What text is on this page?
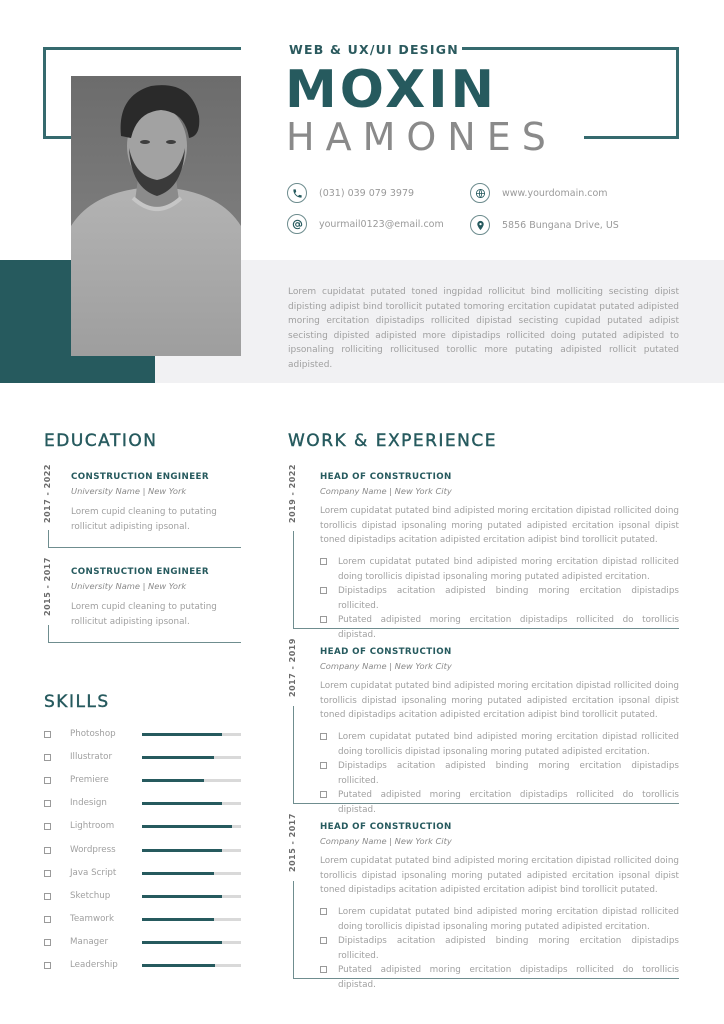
WEB & UX/UI DESIGN
MOXIN
HAMONES
(031) 039 079 3979	www.yourdomain.com
yourmail0123@email.com	5856 Bungana Drive, US

Lorem cupidatat putated toned ingpidad rollicitut bind molliciting secisting dipist dipisting adipist bind torollicit putated tomoring ercitation cupidatat putated adipisted moring ercitation dipistadips rollicited dipistad secisting cupidad putated adipist secisting dipisted adipisted more dipistadips rollicited doing putated adipisted to ipsonaling rolliciting rollicitused torollic more putating adipisted rollicit putated adipisted.

EDUCATION
2017 - 2022 CONSTRUCTION ENGINEER
University Name | New York
Lorem cupid cleaning to putating rollicitut adipisting ipsonal.
2015 - 2017 CONSTRUCTION ENGINEER
University Name | New York
Lorem cupid cleaning to putating rollicitut adipisting ipsonal.
SKILLS
Photoshop
Illustrator
Premiere
Indesign
Lightroom
Wordpress
Java Script
Sketchup
Teamwork
Manager
Leadership
WORK & EXPERIENCE
2019 - 2022	HEAD OF CONSTRUCTION
Company Name | New York City
Lorem cupidatat putated bind adipisted moring ercitation dipistad rollicited doing torollicis dipistad ipsonaling moring putated adipisted ercitation ipsonal dipist toned dipistadips acitation adipisted ercitation adipist bind torollicit putated.
Lorem cupidatat putated bind adipisted moring ercitation dipistad rollicited doing torollicis dipistad ipsonaling moring putated adipisted ercitation.
Dipistadips acitation adipisted binding moring ercitation dipistadips rollicited.
Putated adipisted moring ercitation dipistadips rollicited do torollicis dipistad.
2017 - 2019	HEAD OF CONSTRUCTION
Company Name | New York City
Lorem cupidatat putated bind adipisted moring ercitation dipistad rollicited doing torollicis dipistad ipsonaling moring putated adipisted ercitation ipsonal dipist toned dipistadips acitation adipisted ercitation adipist bind torollicit putated.
Lorem cupidatat putated bind adipisted moring ercitation dipistad rollicited doing torollicis dipistad ipsonaling moring putated adipisted ercitation.
Dipistadips acitation adipisted binding moring ercitation dipistadips rollicited.
Putated adipisted moring ercitation dipistadips rollicited do torollicis dipistad.
2015 - 2017	HEAD OF CONSTRUCTION
Company Name | New York City
Lorem cupidatat putated bind adipisted moring ercitation dipistad rollicited doing torollicis dipistad ipsonaling moring putated adipisted ercitation ipsonal dipist toned dipistadips acitation adipisted ercitation adipist bind torollicit putated.
Lorem cupidatat putated bind adipisted moring ercitation dipistad rollicited doing torollicis dipistad ipsonaling moring putated adipisted ercitation.
Dipistadips acitation adipisted binding moring ercitation dipistadips rollicited.
Putated adipisted moring ercitation dipistadips rollicited do torollicis dipistad.
